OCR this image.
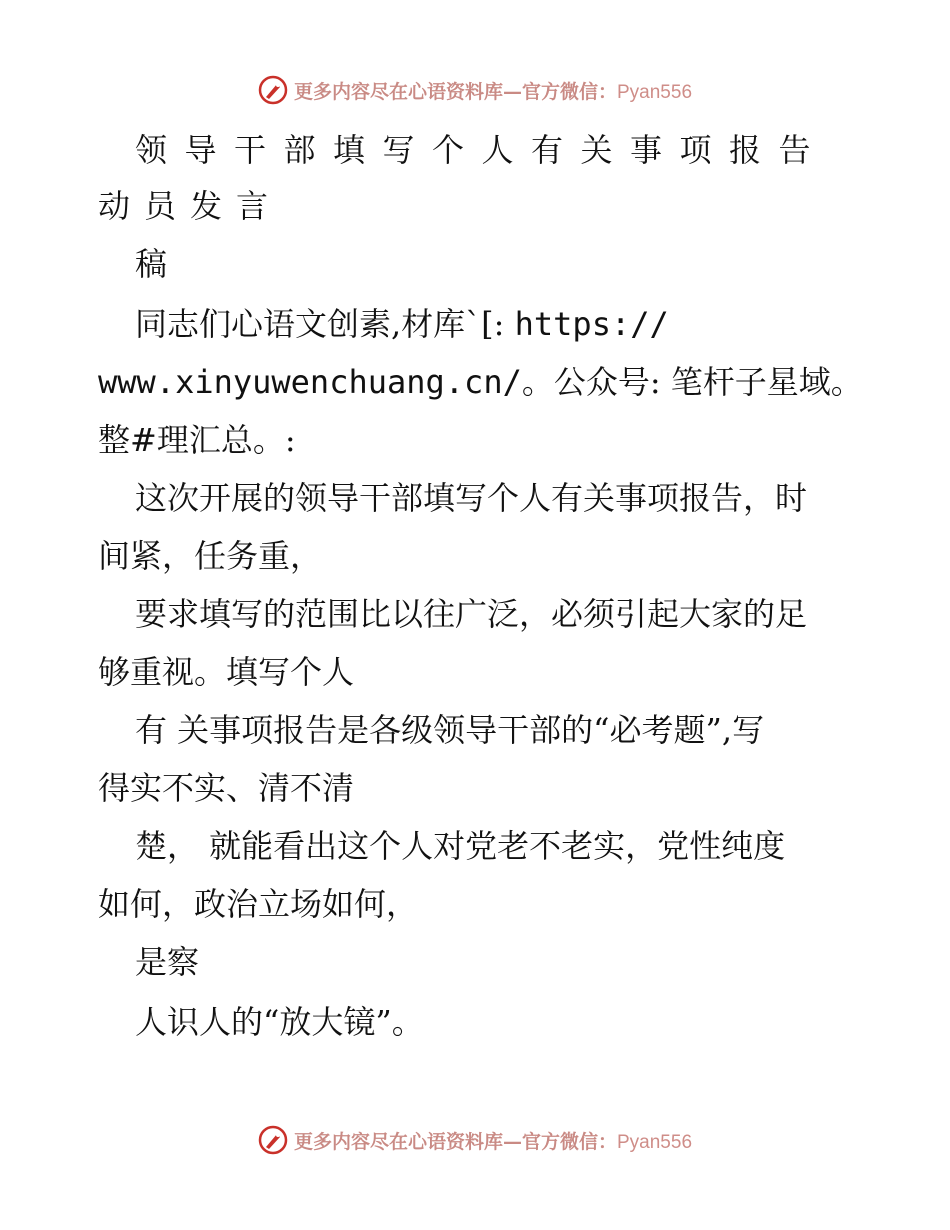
更多内容尽在心语资料库—官方微信：Pyan556
领导干部填写个人有关事项报告
动员发言
稿
同志们心语文创素,材库`[: https://
www.xinyuwenchuang.cn/。公众号: 笔杆子星域。
整#理汇总。:
这次开展的领导干部填写个人有关事项报告，时
间紧，任务重，
要求填写的范围比以往广泛，必须引起大家的足
够重视。填写个人
有 关事项报告是各级领导干部的“必考题”,写
得实不实、清不清
楚， 就能看出这个人对党老不老实，党性纯度
如何，政治立场如何，
是察
人识人的“放大镜”。
更多内容尽在心语资料库—官方微信：Pyan556
